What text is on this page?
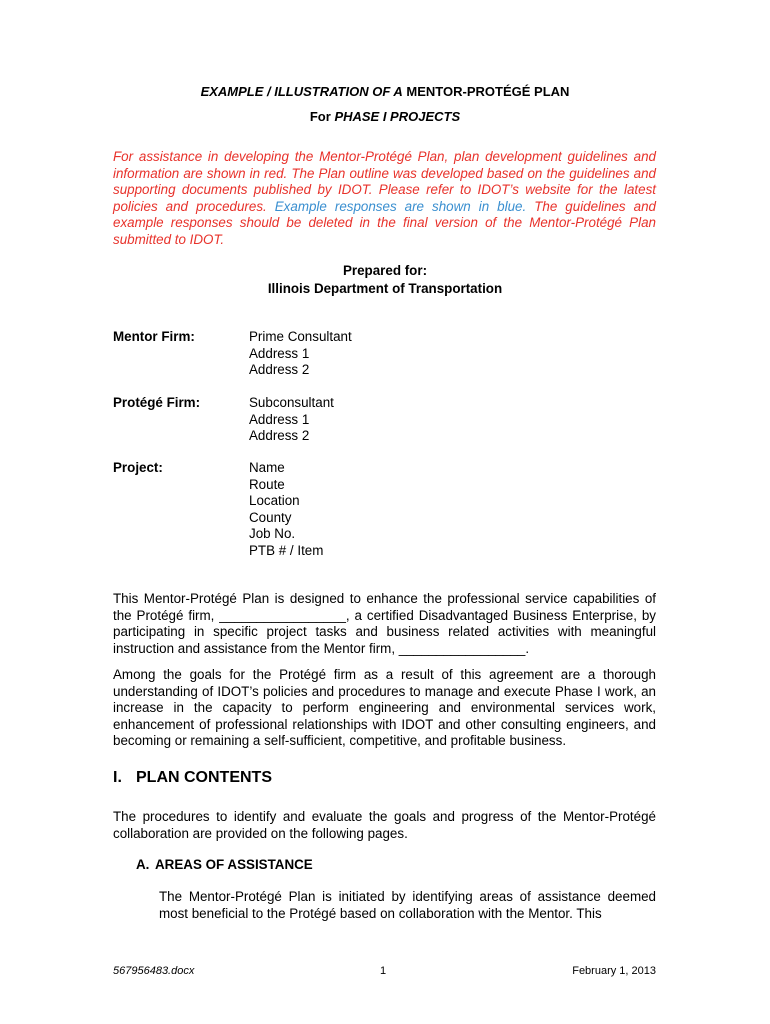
EXAMPLE / ILLUSTRATION OF A MENTOR-PROTÉGÉ PLAN
For PHASE I PROJECTS
For assistance in developing the Mentor-Protégé Plan, plan development guidelines and information are shown in red. The Plan outline was developed based on the guidelines and supporting documents published by IDOT. Please refer to IDOT’s website for the latest policies and procedures. Example responses are shown in blue. The guidelines and example responses should be deleted in the final version of the Mentor-Protégé Plan submitted to IDOT.
Prepared for:
Illinois Department of Transportation
Mentor Firm:	Prime Consultant
Address 1
Address 2
Protégé Firm:	Subconsultant
Address 1
Address 2
Project:	Name
Route
Location
County
Job No.
PTB # / Item
This Mentor-Protégé Plan is designed to enhance the professional service capabilities of the Protégé firm, _________________, a certified Disadvantaged Business Enterprise, by participating in specific project tasks and business related activities with meaningful instruction and assistance from the Mentor firm, _________________.
Among the goals for the Protégé firm as a result of this agreement are a thorough understanding of IDOT’s policies and procedures to manage and execute Phase I work, an increase in the capacity to perform engineering and environmental services work, enhancement of professional relationships with IDOT and other consulting engineers, and becoming or remaining a self-sufficient, competitive, and profitable business.
I. PLAN CONTENTS
The procedures to identify and evaluate the goals and progress of the Mentor-Protégé collaboration are provided on the following pages.
A. AREAS OF ASSISTANCE
The Mentor-Protégé Plan is initiated by identifying areas of assistance deemed most beneficial to the Protégé based on collaboration with the Mentor. This
567956483.docx	1	February 1, 2013
